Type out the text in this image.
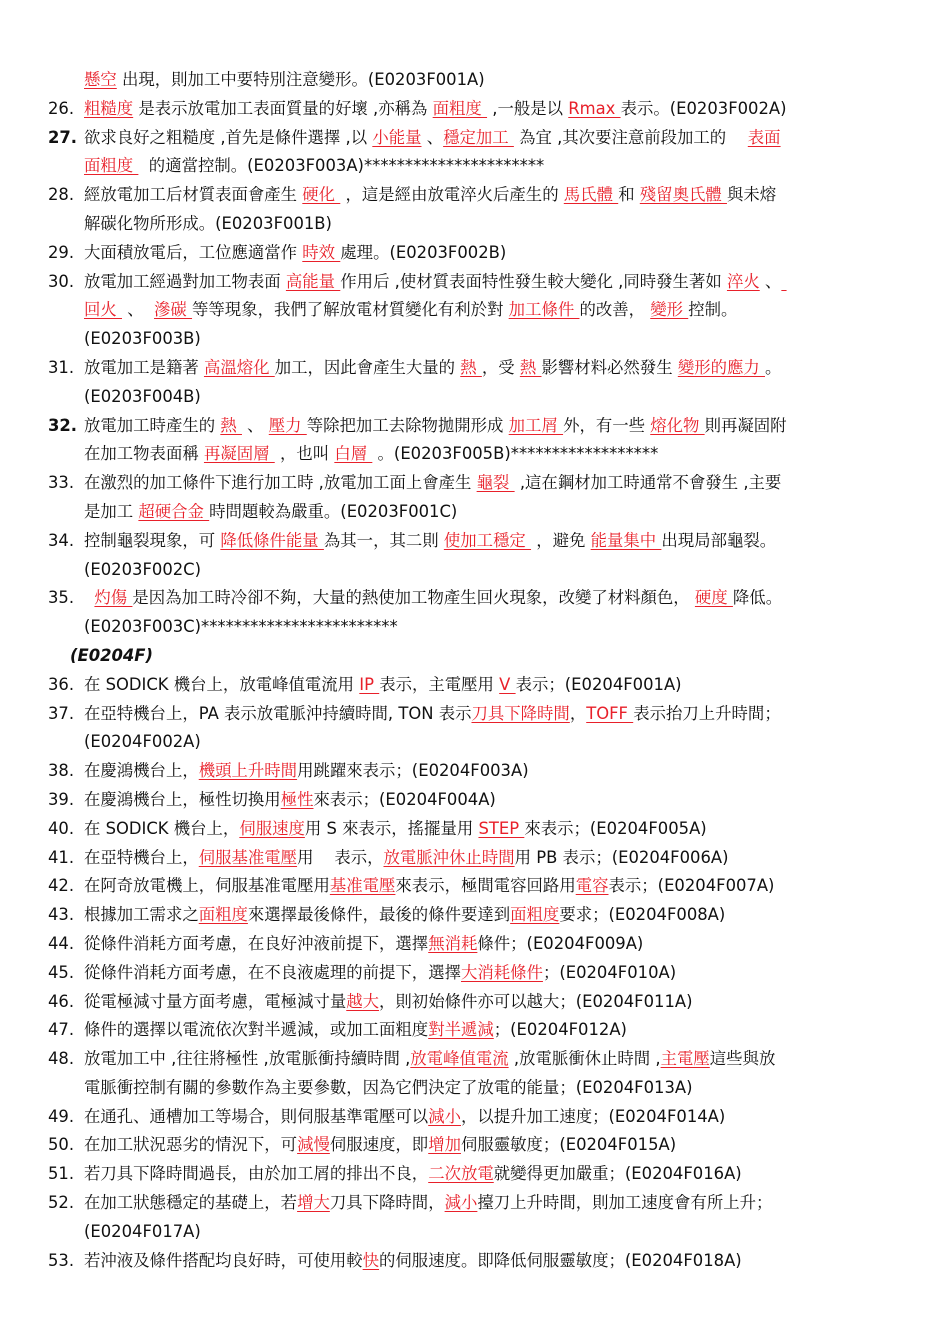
懸空 出現，則加工中要特別注意變形。(E0203F001A)
26. 粗糙度 是表示放電加工表面質量的好壞 ,亦稱為 面粗度  ,一般是以 Rmax 表示。(E0203F002A)
27. 欲求良好之粗糙度 ,首先是條件選擇 ,以 小能量 、穩定加工  為宜 ,其次要注意前段加工的 　表面
面粗度   的適當控制。(E0203F003A)**********************
28. 經放電加工后材質表面會產生 硬化  ，這是經由放電淬火后產生的 馬氏體 和 殘留奧氏體 與未熔
解碳化物所形成。(E0203F001B)
29. 大面積放電后，工位應適當作 時效 處理。(E0203F002B)
30. 放電加工經過對加工物表面 高能量 作用后 ,使材質表面特性發生較大變化 ,同時發生著如 淬火 、
回火  、  滲碳 等等現象，我們了解放電材質變化有利於對 加工條件 的改善， 變形 控制。
(E0203F003B)
31. 放電加工是籍著 高溫熔化 加工，因此會產生大量的 熱 ，受 熱 影響材料必然發生 變形的應力 。
(E0203F004B)
32. 放電加工時產生的 熱  、 壓力 等除把加工去除物拋開形成 加工屑 外，有一些 熔化物 則再凝固附
在加工物表面稱 再凝固層  ，也叫 白層  。(E0203F005B)******************
33. 在激烈的加工條件下進行加工時 ,放電加工面上會產生 龜裂  ,這在鋼材加工時通常不會發生 ,主要
是加工 超硬合金 時問題較為嚴重。(E0203F001C)
34. 控制龜裂現象，可 降低條件能量 為其一，其二則 使加工穩定  ，避免 能量集中 出現局部龜裂。
(E0203F002C)
35.	灼傷 是因為加工時冷卻不夠，大量的熱使加工物產生回火現象，改變了材料顏色， 硬度 降低。
(E0203F003C)************************
(E0204F)
36. 在 SODICK 機台上，放電峰值電流用 IP 表示，主電壓用 V 表示；(E0204F001A)
37. 在亞特機台上，PA 表示放電脈沖持續時間, TON 表示刀具下降時間，TOFF 表示抬刀上升時間；
(E0204F002A)
38. 在慶鴻機台上，機頭上升時間用跳躍來表示；(E0204F003A)
39. 在慶鴻機台上，極性切換用極性來表示；(E0204F004A)
40. 在 SODICK 機台上，伺服速度用 S 來表示，搖擺量用 STEP 來表示；(E0204F005A)
41. 在亞特機台上，伺服基准電壓用    表示，放電脈沖休止時間用 PB 表示；(E0204F006A)
42. 在阿奇放電機上，伺服基准電壓用基准電壓來表示，極間電容回路用電容表示；(E0204F007A)
43. 根據加工需求之面粗度來選擇最後條件，最後的條件要達到面粗度要求；(E0204F008A)
44. 從條件消耗方面考慮，在良好沖液前提下，選擇無消耗條件；(E0204F009A)
45. 從條件消耗方面考慮，在不良液處理的前提下，選擇大消耗條件；(E0204F010A)
46. 從電極減寸量方面考慮，電極減寸量越大，則初始條件亦可以越大；(E0204F011A)
47. 條件的選擇以電流依次對半遞減，或加工面粗度對半遞減；(E0204F012A)
48. 放電加工中 ,往往將極性 ,放電脈衝持續時間 ,放電峰值電流 ,放電脈衝休止時間 ,主電壓這些與放
電脈衝控制有關的參數作為主要參數，因為它們決定了放電的能量；(E0204F013A)
49. 在通孔、通槽加工等場合，則伺服基準電壓可以減小，以提升加工速度；(E0204F014A)
50. 在加工狀況惡劣的情況下，可減慢伺服速度，即增加伺服靈敏度；(E0204F015A)
51. 若刀具下降時間過長，由於加工屑的排出不良，二次放電就變得更加嚴重；(E0204F016A)
52. 在加工狀態穩定的基礎上，若增大刀具下降時間，減小擡刀上升時間，則加工速度會有所上升；
(E0204F017A)
53. 若沖液及條件搭配均良好時，可使用較快的伺服速度。即降低伺服靈敏度；(E0204F018A)
